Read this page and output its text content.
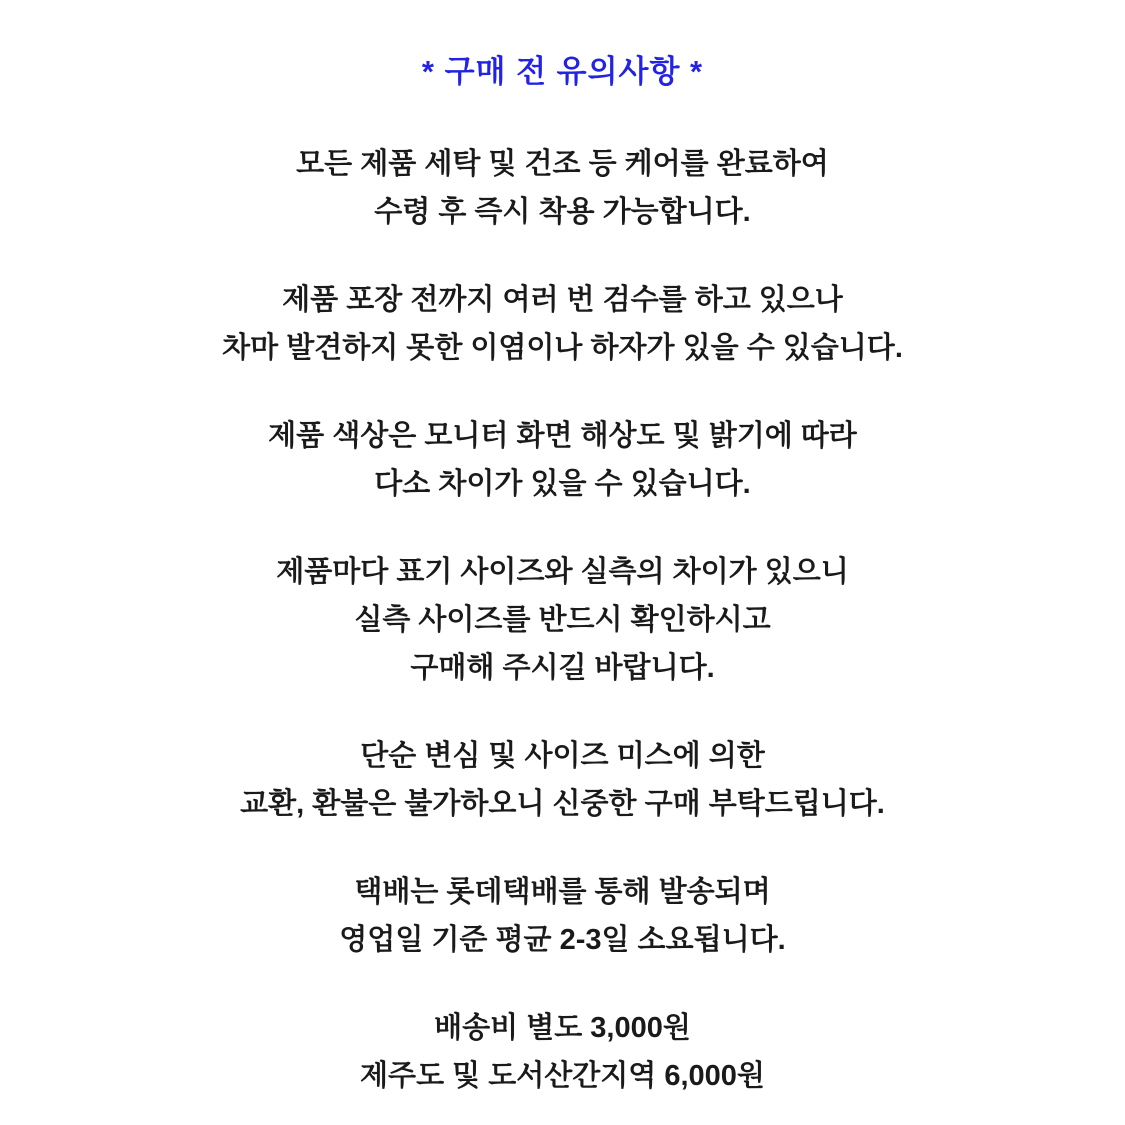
* 구매 전 유의사항 *
모든 제품 세탁 및 건조 등 케어를 완료하여
수령 후 즉시 착용 가능합니다.
제품 포장 전까지 여러 번 검수를 하고 있으나
차마 발견하지 못한 이염이나 하자가 있을 수 있습니다.
제품 색상은 모니터 화면 해상도 및 밝기에 따라
다소 차이가 있을 수 있습니다.
제품마다 표기 사이즈와 실측의 차이가 있으니
실측 사이즈를 반드시 확인하시고
구매해 주시길 바랍니다.
단순 변심 및 사이즈 미스에 의한
교환, 환불은 불가하오니 신중한 구매 부탁드립니다.
택배는 롯데택배를 통해 발송되며
영업일 기준 평균 2-3일 소요됩니다.
배송비 별도 3,000원
제주도 및 도서산간지역 6,000원
